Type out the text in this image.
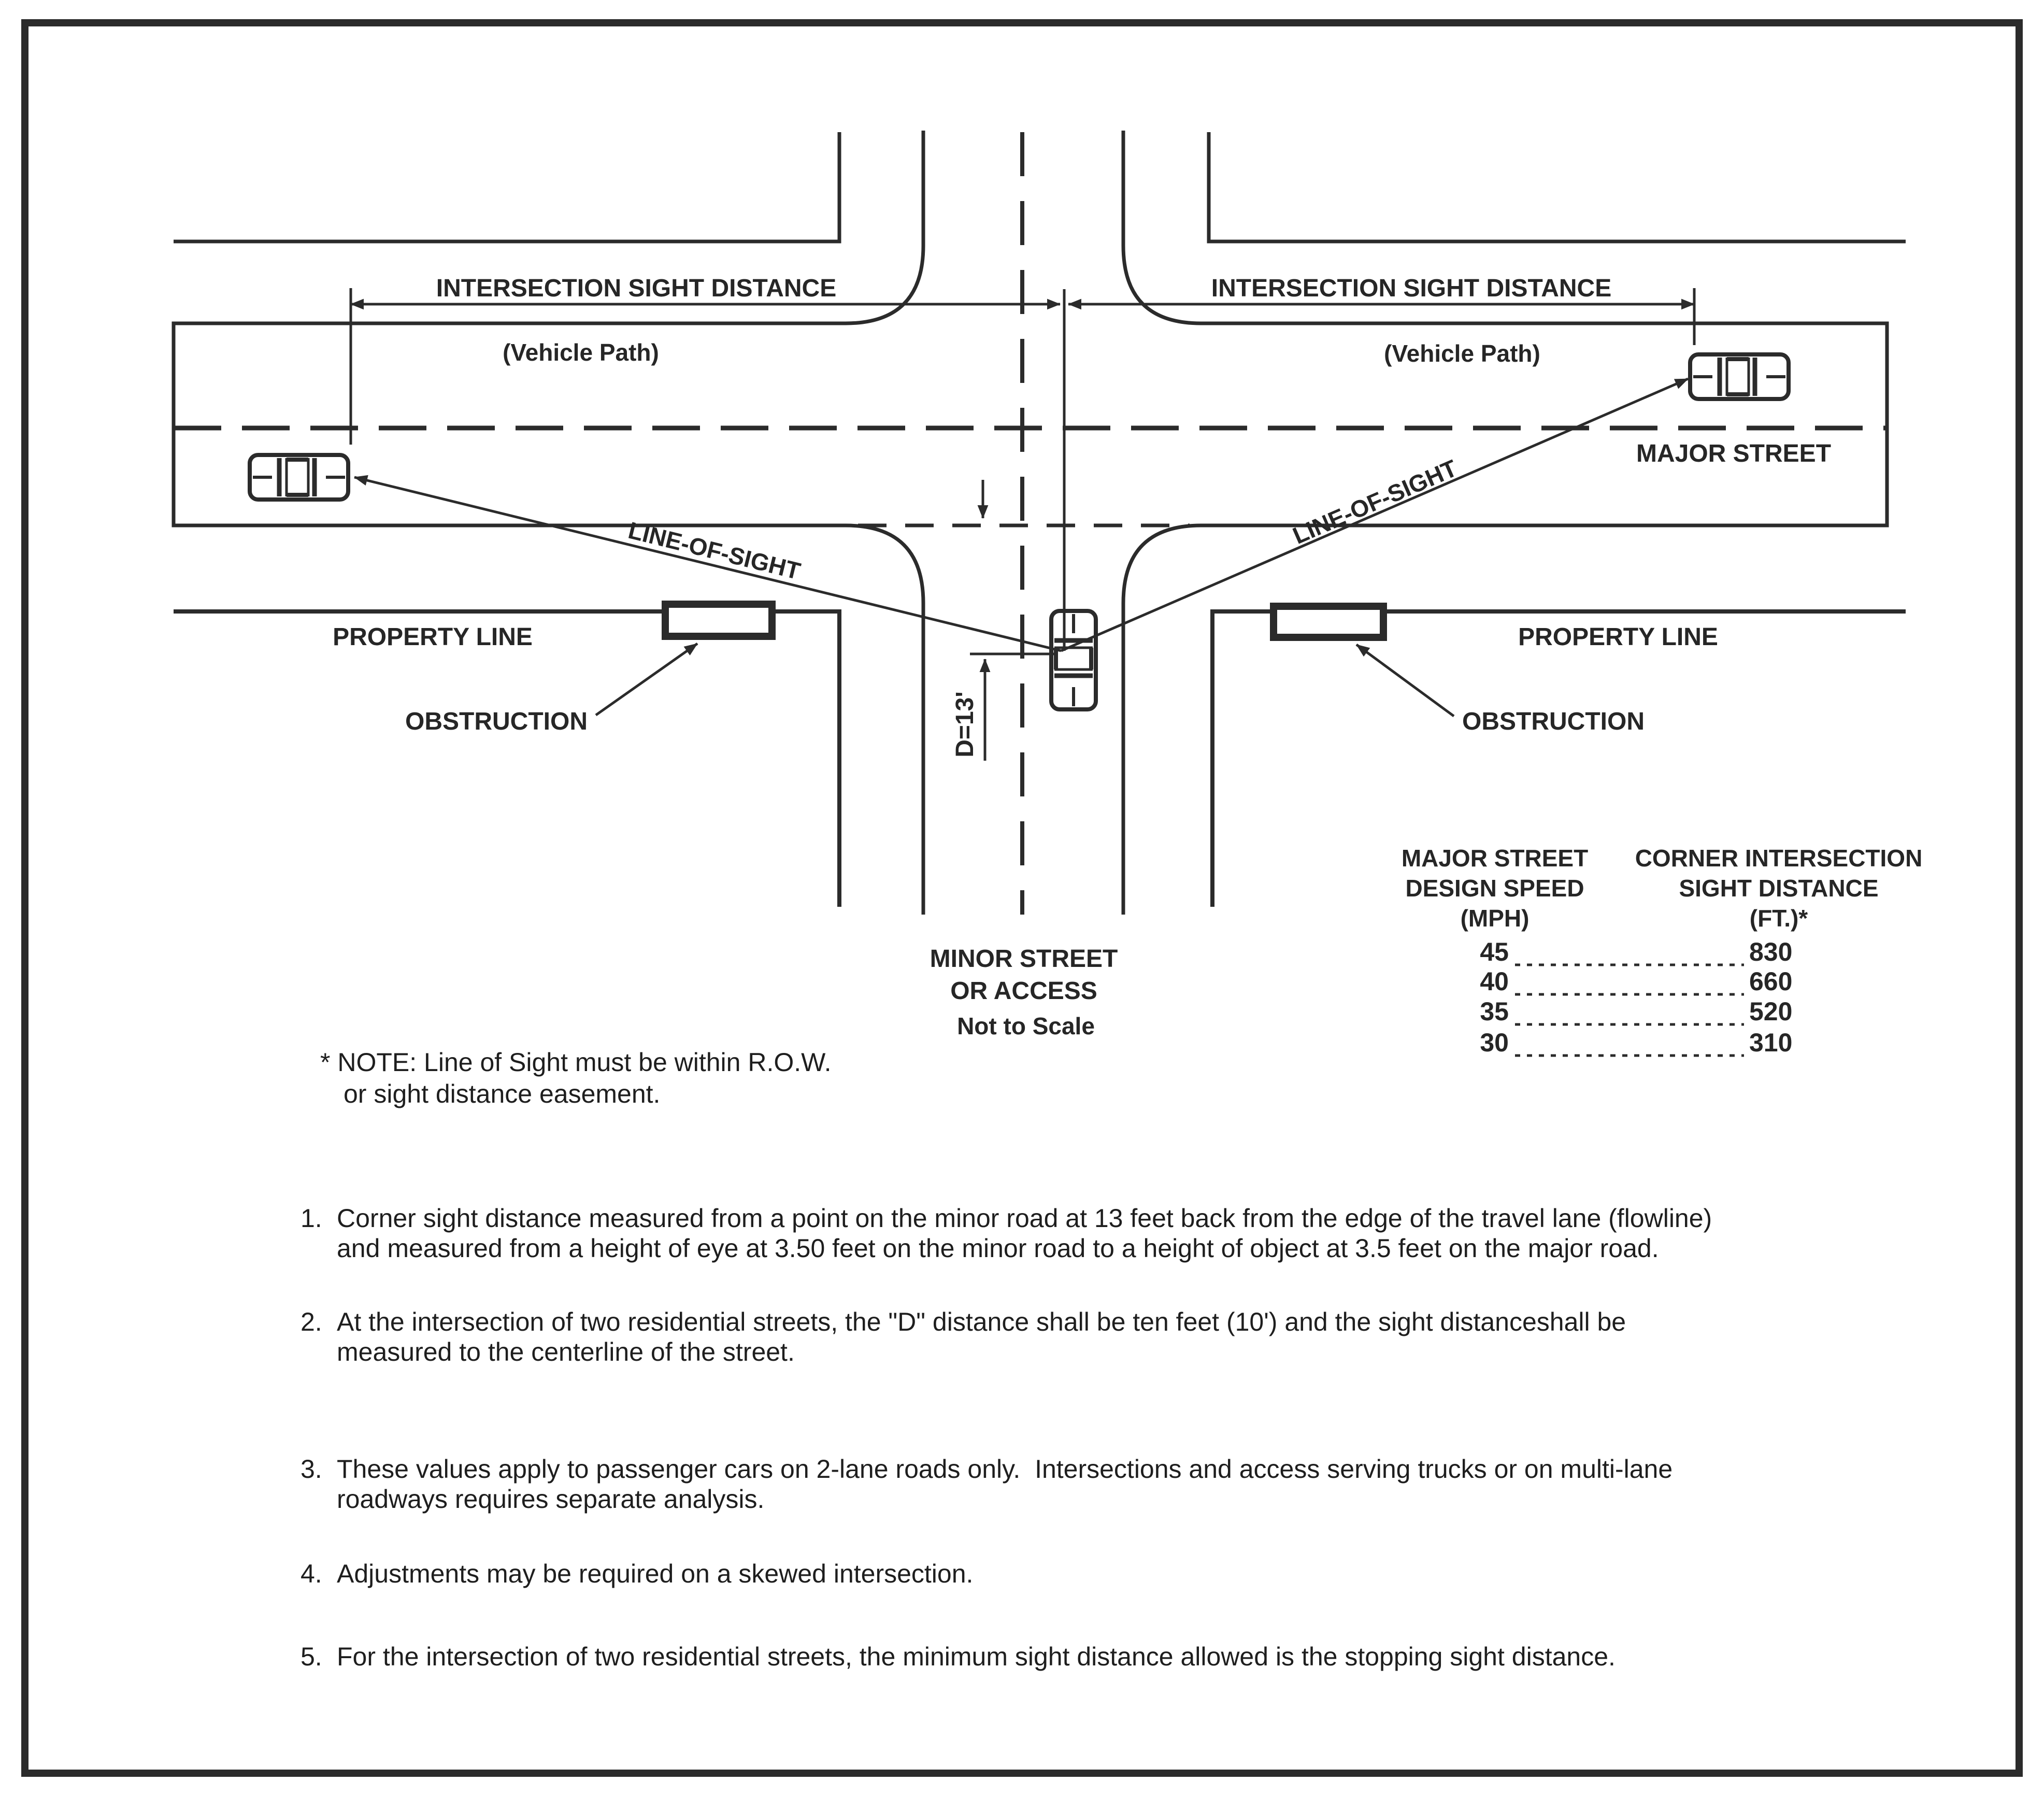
INTERSECTION SIGHT DISTANCE	INTERSECTION SIGHT DISTANCE
(Vehicle Path)	(Vehicle Path)
MAJOR STREET
LINE-OF-SIGHT
LINE-OF-SIGHT
PROPERTY LINE	PROPERTY LINE
OBSTRUCTION	OBSTRUCTION
D=13'
MINOR STREET
OR ACCESS
Not to Scale
MAJOR STREET
DESIGN SPEED
(MPH)
CORNER INTERSECTION
SIGHT DISTANCE
(FT.)*
45	830
40	660
35	520
30	310
* NOTE: Line of Sight must be within R.O.W. or sight distance easement.
1. Corner sight distance measured from a point on the minor road at 13 feet back from the edge of the travel lane (flowline) and measured from a height of eye at 3.50 feet on the minor road to a height of object at 3.5 feet on the major road.
2. At the intersection of two residential streets, the "D" distance shall be ten feet (10') and the sight distanceshall be measured to the centerline of the street.
3. These values apply to passenger cars on 2-lane roads only.  Intersections and access serving trucks or on multi-lane roadways requires separate analysis.
4. Adjustments may be required on a skewed intersection.
5. For the intersection of two residential streets, the minimum sight distance allowed is the stopping sight distance.
